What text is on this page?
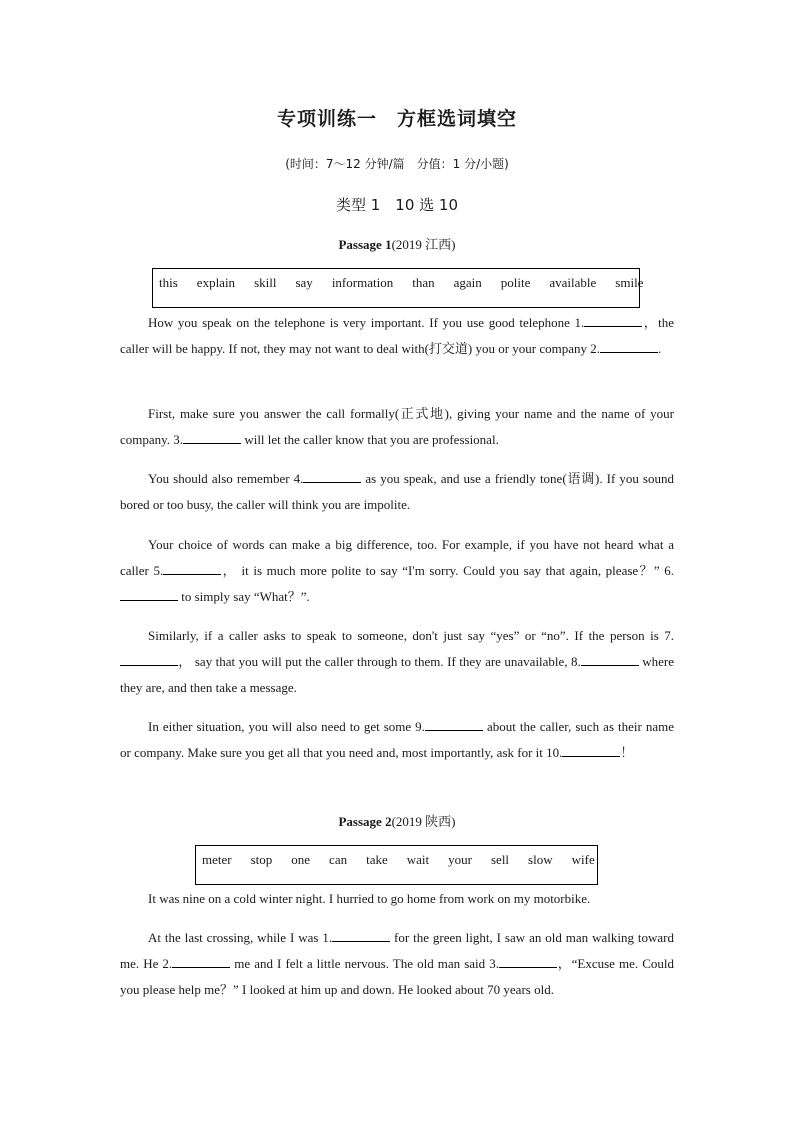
专项训练一　方框选词填空
(时间：7～12 分钟/篇　分值：1 分/小题)
类型 1　10 选 10
Passage 1(2019 江西)
this explain skill say information than again polite available smile

How you speak on the telephone is very important. If you use good telephone 1.	，the caller will be happy. If not, they may not want to deal with(打交道) you or your company 2.	.

First, make sure you answer the call formally(正式地), giving your name and the name of your company. 3.	will let the caller know that you are professional.

You should also remember 4.	as you speak, and use a friendly tone(语调). If you sound bored or too busy, the caller will think you are impolite.

Your choice of words can make a big difference, too. For example, if you have not heard what a caller 5.	， it is much more polite to say “I'm sorry. Could you say that again, please？” 6. to simply say “What？”.

Similarly, if a caller asks to speak to someone, don't just say “yes” or “no”. If the person is 7.， say that you will put the caller through to them. If they are unavailable, 8.	where they are, and then take a message.

In either situation, you will also need to get some 9.	about the caller, such as their name or company. Make sure you get all that you need and, most importantly, ask for it 10.	！

Passage 2(2019 陕西)
meter stop one can take wait your sell slow wife

It was nine on a cold winter night. I hurried to go home from work on my motorbike.

At the last crossing, while I was 1.	for the green light, I saw an old man walking toward me. He 2.	me and I felt a little nervous. The old man said 3.	，“Excuse me. Could you please help me？” I looked at him up and down. He looked about 70 years old.
